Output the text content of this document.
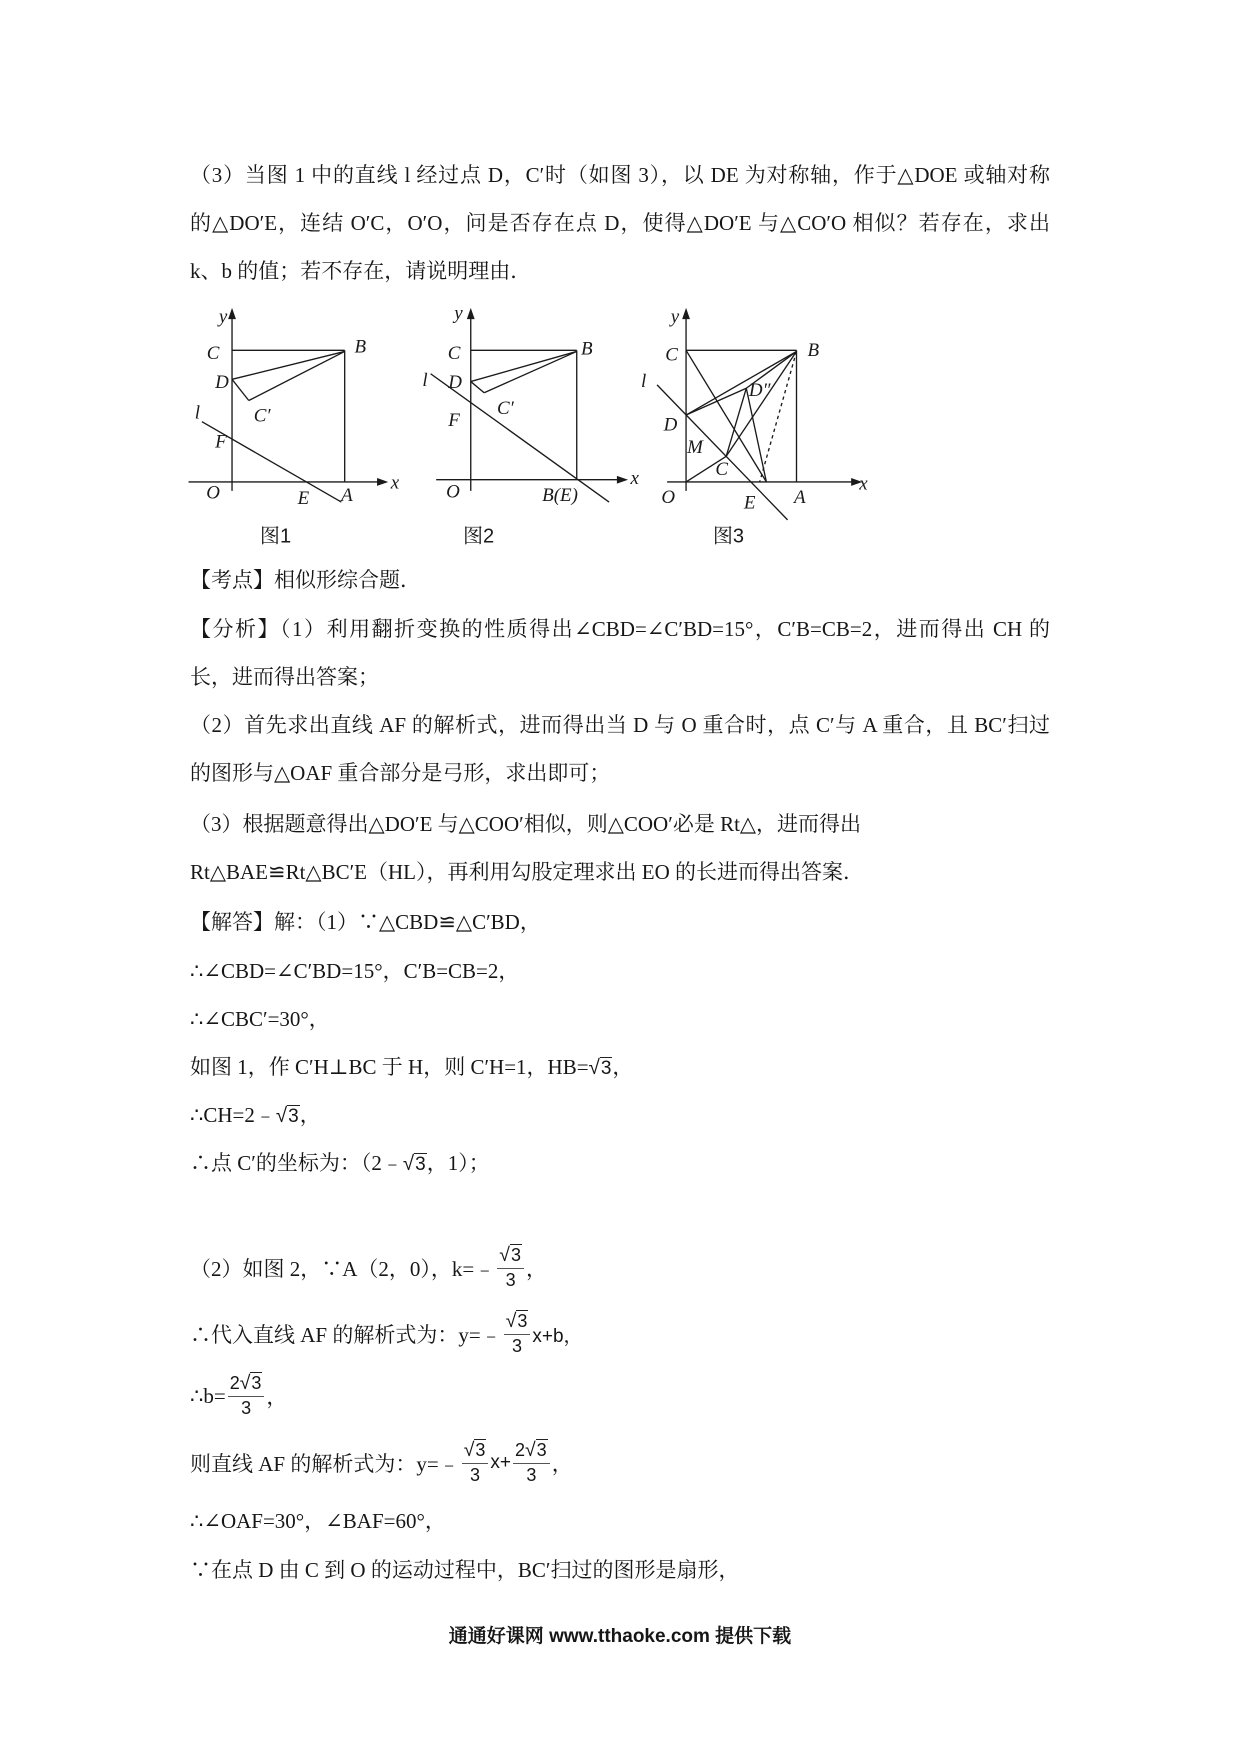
（3）当图 1 中的直线 l 经过点 D，C′时（如图 3），以 DE 为对称轴，作于△DOE 或轴对称
的△DO′E，连结 O′C，O′O，问是否存在点 D，使得△DO′E 与△CO′O 相似？若存在，求出
k、b 的值；若不存在，请说明理由．
y
x
O
C	B
D
C′
l
F
E A
图1
y
x
O
C	B
D
C′
l
F
B(E)
图2
y
x
O
C	B
D
D″
l
M
C
E A
图3
【考点】相似形综合题．
【分析】（1）利用翻折变换的性质得出∠CBD=∠C′BD=15°，C′B=CB=2，进而得出 CH 的
长，进而得出答案；
（2）首先求出直线 AF 的解析式，进而得出当 D 与 O 重合时，点 C′与 A 重合，且 BC′扫过
的图形与△OAF 重合部分是弓形，求出即可；
（3）根据题意得出△DO′E 与△COO′相似，则△COO′必是 Rt△，进而得出
Rt△BAE≌Rt△BC′E（HL），再利用勾股定理求出 EO 的长进而得出答案．
【解答】解：（1）∵△CBD≌△C′BD，
∴∠CBD=∠C′BD=15°，C′B=CB=2，
∴∠CBC′=30°，
如图 1，作 C′H⊥BC 于 H，则 C′H=1，HB=√3，
∴CH=2﹣√3，
∴点 C′的坐标为：（2﹣√3，1）；
（2）如图 2，∵A（2，0），k=﹣ $\frac{√3}{3}$ ，
∴代入直线 AF 的解析式为：y=﹣ $\frac{√3}{3} x+b$，
∴b= $\frac{2√3}{3}$ ，
则直线 AF 的解析式为：y=﹣ $\frac{√3}{3} x+ \frac{2√3}{3}$ ，
∴∠OAF=30°，∠BAF=60°，
∵在点 D 由 C 到 O 的运动过程中，BC′扫过的图形是扇形，
通通好课网 www.tthaoke.com 提供下载
